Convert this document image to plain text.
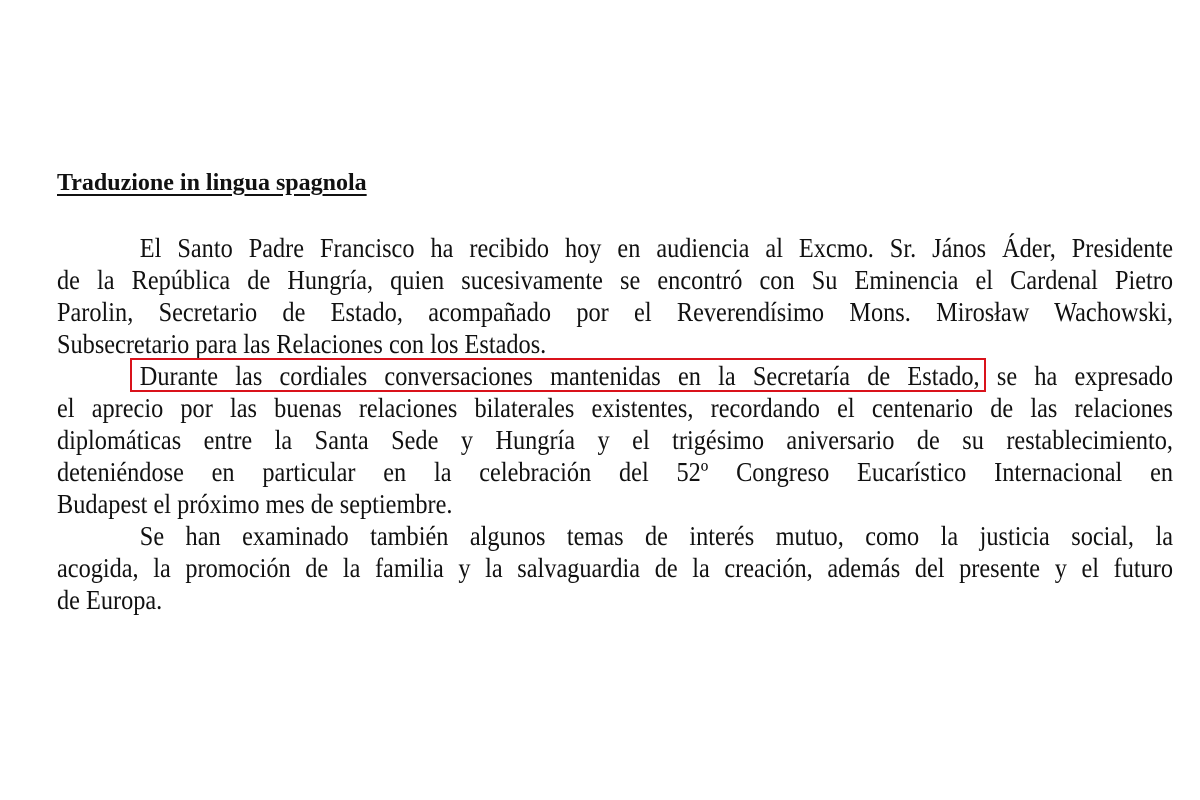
Traduzione in lingua spagnola
El Santo Padre Francisco ha recibido hoy en audiencia al Excmo. Sr. János Áder, Presidente
de la República de Hungría, quien sucesivamente se encontró con Su Eminencia el Cardenal Pietro
Parolin, Secretario de Estado, acompañado por el Reverendísimo Mons. Mirosław Wachowski,
Subsecretario para las Relaciones con los Estados.
Durante las cordiales conversaciones mantenidas en la Secretaría de Estado, se ha expresado
el aprecio por las buenas relaciones bilaterales existentes, recordando el centenario de las relaciones
diplomáticas entre la Santa Sede y Hungría y el trigésimo aniversario de su restablecimiento,
deteniéndose en particular en la celebración del 52º Congreso Eucarístico Internacional en
Budapest el próximo mes de septiembre.
Se han examinado también algunos temas de interés mutuo, como la justicia social, la
acogida, la promoción de la familia y la salvaguardia de la creación, además del presente y el futuro
de Europa.
